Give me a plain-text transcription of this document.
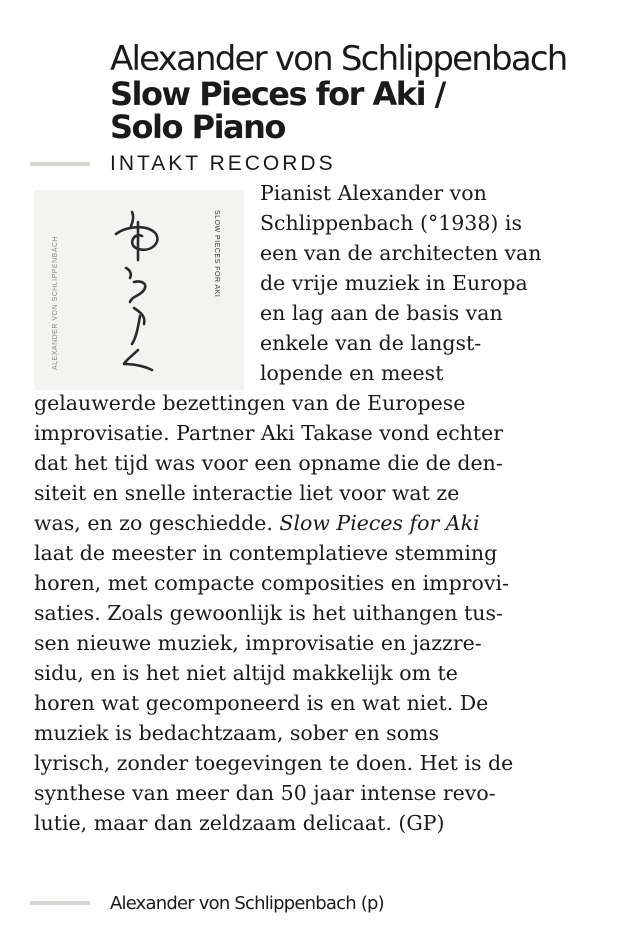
Alexander von Schlippenbach
Slow Pieces for Aki /
Solo Piano
INTAKT RECORDS
ALEXANDER VON SCHLIPPENBACH	SLOW PIECES FOR AKI
Pianist Alexander von
Schlippenbach (°1938) is
een van de architecten van
de vrije muziek in Europa
en lag aan de basis van
enkele van de langst-
lopende en meest
gelauwerde bezettingen van de Europese
improvisatie. Partner Aki Takase vond echter
dat het tijd was voor een opname die de den-
siteit en snelle interactie liet voor wat ze
was, en zo geschiedde. Slow Pieces for Aki
laat de meester in contemplatieve stemming
horen, met compacte composities en improvi-
saties. Zoals gewoonlijk is het uithangen tus-
sen nieuwe muziek, improvisatie en jazzre-
sidu, en is het niet altijd makkelijk om te
horen wat gecomponeerd is en wat niet. De
muziek is bedachtzaam, sober en soms
lyrisch, zonder toegevingen te doen. Het is de
synthese van meer dan 50 jaar intense revo-
lutie, maar dan zeldzaam delicaat. (GP)
Alexander von Schlippenbach (p)
